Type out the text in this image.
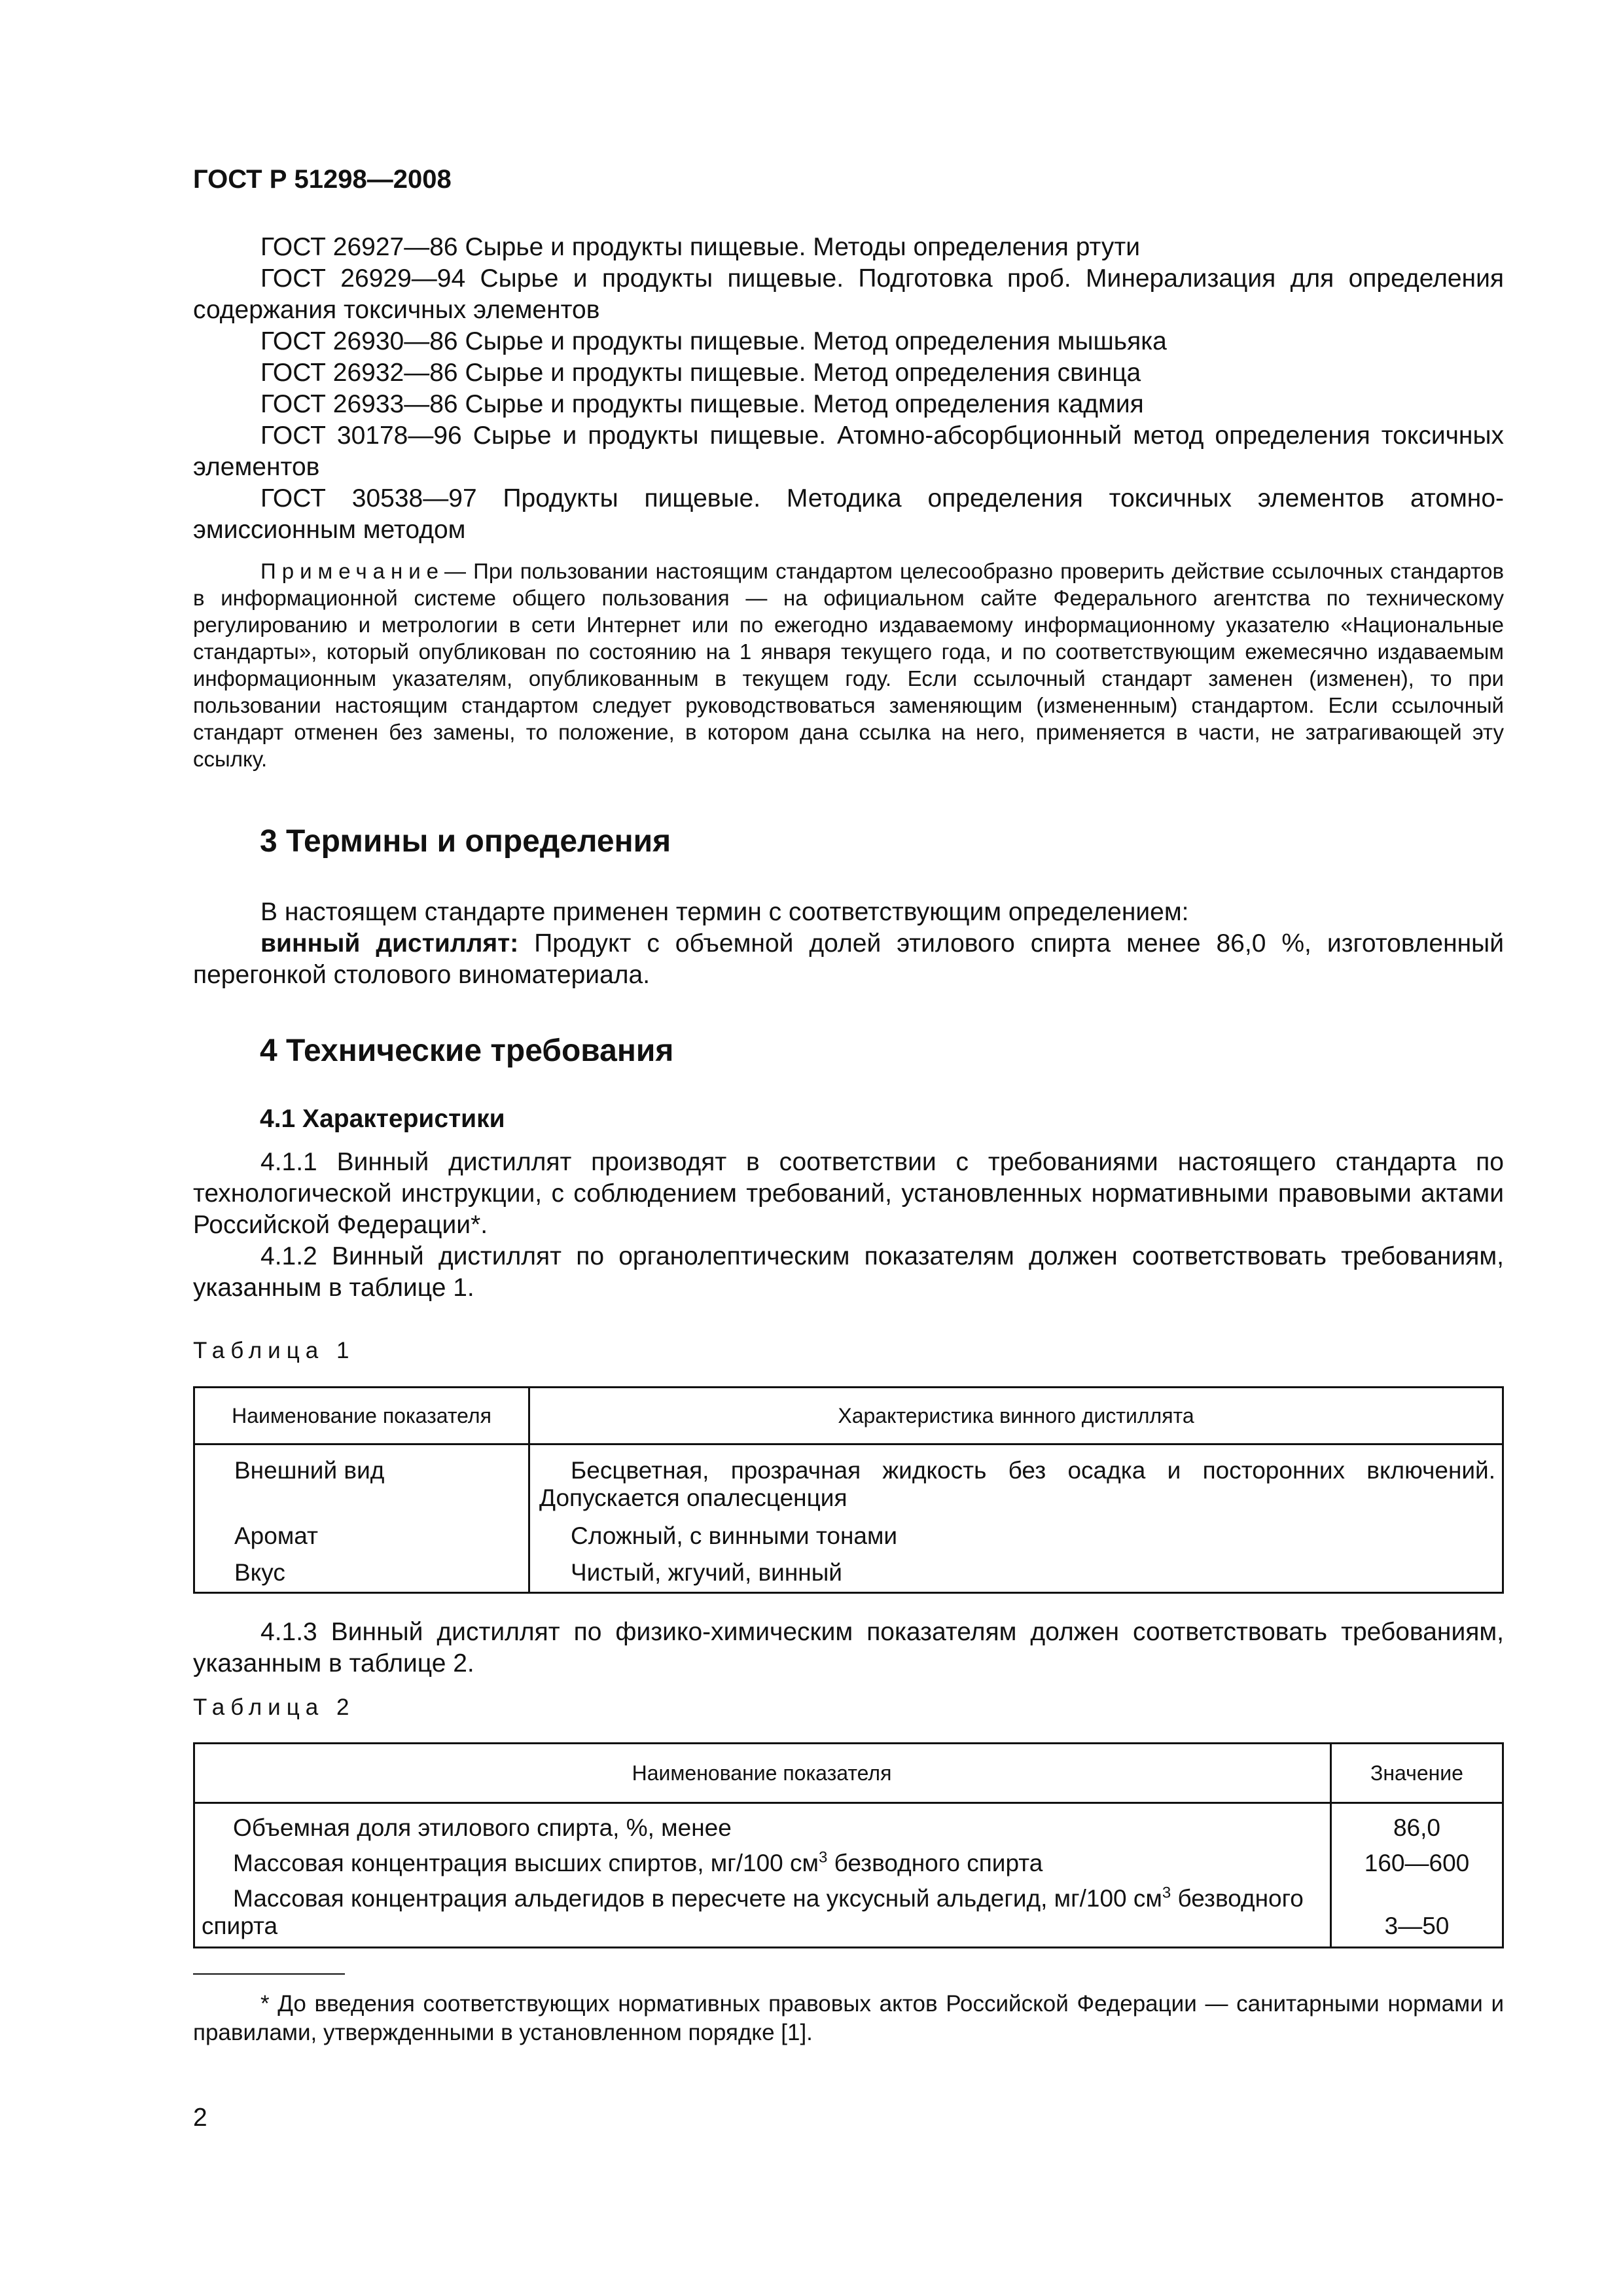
ГОСТ Р 51298—2008

ГОСТ 26927—86 Сырье и продукты пищевые. Методы определения ртути

ГОСТ 26929—94 Сырье и продукты пищевые. Подготовка проб. Минерализация для определения содержания токсичных элементов

ГОСТ 26930—86 Сырье и продукты пищевые. Метод определения мышьяка

ГОСТ 26932—86 Сырье и продукты пищевые. Метод определения свинца

ГОСТ 26933—86 Сырье и продукты пищевые. Метод определения кадмия

ГОСТ 30178—96 Сырье и продукты пищевые. Атомно-абсорбционный метод определения токсичных элементов

ГОСТ 30538—97 Продукты пищевые. Методика определения токсичных элементов атомно-эмиссионным методом

Примечание— При пользовании настоящим стандартом целесообразно проверить действие ссылочных стандартов в информационной системе общего пользования — на официальном сайте Федерального агентства по техническому регулированию и метрологии в сети Интернет или по ежегодно издаваемому информационному указателю «Национальные стандарты», который опубликован по состоянию на 1 января текущего года, и по соответствующим ежемесячно издаваемым информационным указателям, опубликованным в текущем году. Если ссылочный стандарт заменен (изменен), то при пользовании настоящим стандартом следует руководствоваться заменяющим (измененным) стандартом. Если ссылочный стандарт отменен без замены, то положение, в котором дана ссылка на него, применяется в части, не затрагивающей эту ссылку.

3 Термины и определения

В настоящем стандарте применен термин с соответствующим определением:

винный дистиллят: Продукт с объемной долей этилового спирта менее 86,0 %, изготовленный перегонкой столового виноматериала.

4 Технические требования
4.1 Характеристики

4.1.1 Винный дистиллят производят в соответствии с требованиями настоящего стандарта по технологической инструкции, с соблюдением требований, установленных нормативными правовыми актами Российской Федерации*.

4.1.2 Винный дистиллят по органолептическим показателям должен соответствовать требованиям, указанным в таблице 1.

Таблица 1
Наименование показателя	Характеристика винного дистиллята
Внешний вид	Бесцветная, прозрачная жидкость без осадка и посторонних включений. Допускается опалесценция
Аромат	Сложный, с винными тонами
Вкус	Чистый, жгучий, винный

4.1.3 Винный дистиллят по физико-химическим показателям должен соответствовать требованиям, указанным в таблице 2.

Таблица 2
Наименование показателя	Значение
Объемная доля этилового спирта, %, менее	86,0
Массовая концентрация высших спиртов, мг/100 $см^3$ безводного спирта	160—600
Массовая концентрация альдегидов в пересчете на уксусный альдегид, мг/100 $см^3$ безводного спирта	3—50

* До введения соответствующих нормативных правовых актов Российской Федерации — санитарными нормами и правилами, утвержденными в установленном порядке [1].

2
